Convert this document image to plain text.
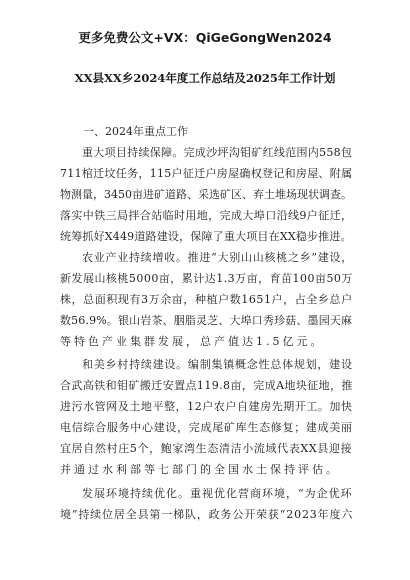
更多免费公文+VX：QiGeGongWen2024
XX县XX乡2024年度工作总结及2025年工作计划
一、2024年重点工作
重大项目持续保障。完成沙坪沟钼矿红线范围内558包
711棺迁坟任务，115户征迁户房屋确权登记和房屋、附属
物测量，3450亩进矿道路、采选矿区、弃土堆场现状调查。
落实中铁三局拌合站临时用地，完成大埠口沿线9户征迁，
统筹抓好X449道路建设，保障了重大项目在XX稳步推进。
农业产业持续增收。推进“大别山山核桃之乡”建设，
新发展山核桃5000亩，累计达1.3万亩，育苗100亩50万
株，总面积现有3万余亩，种植户数1651户，占全乡总户
数56.9%。银山岩茶、胭脂灵芝、大埠口秀珍菇、墨园天麻
等特色产业集群发展，总产值达1.5亿元。
和美乡村持续建设。编制集镇概念性总体规划，建设
合武高铁和钼矿搬迁安置点119.8亩，完成A地块征地，推
进污水管网及土地平整，12户农户自建房先期开工。加快
电信综合服务中心建设，完成尾矿库生态修复；建成美丽
宜居自然村庄5个，鲍家湾生态清洁小流域代表XX县迎接
并通过水利部等七部门的全国水土保持评估。
发展环境持续优化。重视优化营商环境，“为企优环
境”持续位居全县第一梯队，政务公开荣获“2023年度六
